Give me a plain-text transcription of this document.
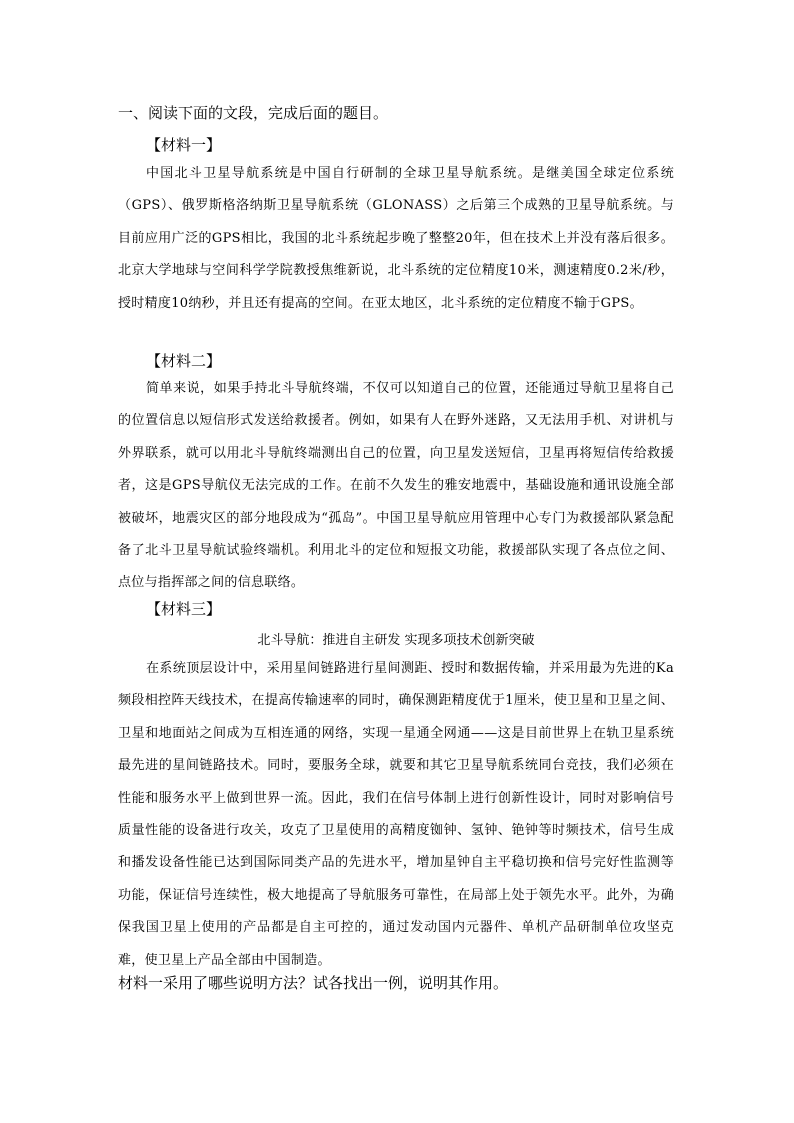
一、阅读下面的文段，完成后面的题目。
【材料一】
中国北斗卫星导航系统是中国自行研制的全球卫星导航系统。是继美国全球定位系统（GPS）、俄罗斯格洛纳斯卫星导航系统（GLONASS）之后第三个成熟的卫星导航系统。与目前应用广泛的GPS相比，我国的北斗系统起步晚了整整20年，但在技术上并没有落后很多。北京大学地球与空间科学学院教授焦维新说，北斗系统的定位精度10米，测速精度0.2米/秒，授时精度10纳秒，并且还有提高的空间。在亚太地区，北斗系统的定位精度不输于GPS。
【材料二】
简单来说，如果手持北斗导航终端，不仅可以知道自己的位置，还能通过导航卫星将自己的位置信息以短信形式发送给救援者。例如，如果有人在野外迷路，又无法用手机、对讲机与外界联系，就可以用北斗导航终端测出自己的位置，向卫星发送短信，卫星再将短信传给救援者，这是GPS导航仪无法完成的工作。在前不久发生的雅安地震中，基础设施和通讯设施全部被破坏，地震灾区的部分地段成为“孤岛”。中国卫星导航应用管理中心专门为救援部队紧急配备了北斗卫星导航试验终端机。利用北斗的定位和短报文功能，救援部队实现了各点位之间、点位与指挥部之间的信息联络。
【材料三】
北斗导航：推进自主研发 实现多项技术创新突破
在系统顶层设计中，采用星间链路进行星间测距、授时和数据传输，并采用最为先进的Ka频段相控阵天线技术，在提高传输速率的同时，确保测距精度优于1厘米，使卫星和卫星之间、卫星和地面站之间成为互相连通的网络，实现一星通全网通——这是目前世界上在轨卫星系统最先进的星间链路技术。同时，要服务全球，就要和其它卫星导航系统同台竞技，我们必须在性能和服务水平上做到世界一流。因此，我们在信号体制上进行创新性设计，同时对影响信号质量性能的设备进行攻关，攻克了卫星使用的高精度铷钟、氢钟、铯钟等时频技术，信号生成和播发设备性能已达到国际同类产品的先进水平，增加星钟自主平稳切换和信号完好性监测等功能，保证信号连续性，极大地提高了导航服务可靠性，在局部上处于领先水平。此外，为确保我国卫星上使用的产品都是自主可控的，通过发动国内元器件、单机产品研制单位攻坚克难，使卫星上产品全部由中国制造。
材料一采用了哪些说明方法？试各找出一例，说明其作用。
